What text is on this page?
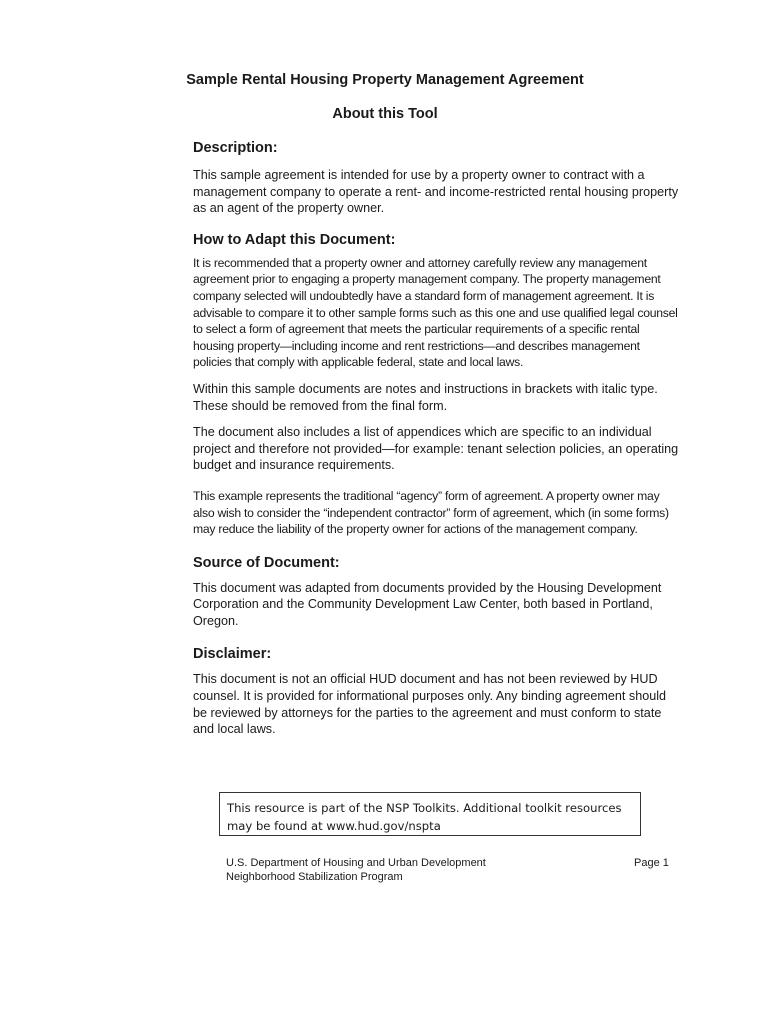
Sample Rental Housing Property Management Agreement
About this Tool
Description:

This sample agreement is intended for use by a property owner to contract with a management company to operate a rent- and income-restricted rental housing property as an agent of the property owner.

How to Adapt this Document:

It is recommended that a property owner and attorney carefully review any management agreement prior to engaging a property management company. The property management company selected will undoubtedly have a standard form of management agreement. It is advisable to compare it to other sample forms such as this one and use qualified legal counsel to select a form of agreement that meets the particular requirements of a specific rental housing property—including income and rent restrictions—and describes management policies that comply with applicable federal, state and local laws.

Within this sample documents are notes and instructions in brackets with italic type. These should be removed from the final form.

The document also includes a list of appendices which are specific to an individual project and therefore not provided—for example: tenant selection policies, an operating budget and insurance requirements.

This example represents the traditional “agency” form of agreement. A property owner may also wish to consider the “independent contractor” form of agreement, which (in some forms) may reduce the liability of the property owner for actions of the management company.

Source of Document:

This document was adapted from documents provided by the Housing Development Corporation and the Community Development Law Center, both based in Portland, Oregon.

Disclaimer:

This document is not an official HUD document and has not been reviewed by HUD counsel. It is provided for informational purposes only. Any binding agreement should be reviewed by attorneys for the parties to the agreement and must conform to state and local laws.

This resource is part of the NSP Toolkits. Additional toolkit resources
may be found at www.hud.gov/nspta
U.S. Department of Housing and Urban Development
Neighborhood Stabilization Program
Page 1
